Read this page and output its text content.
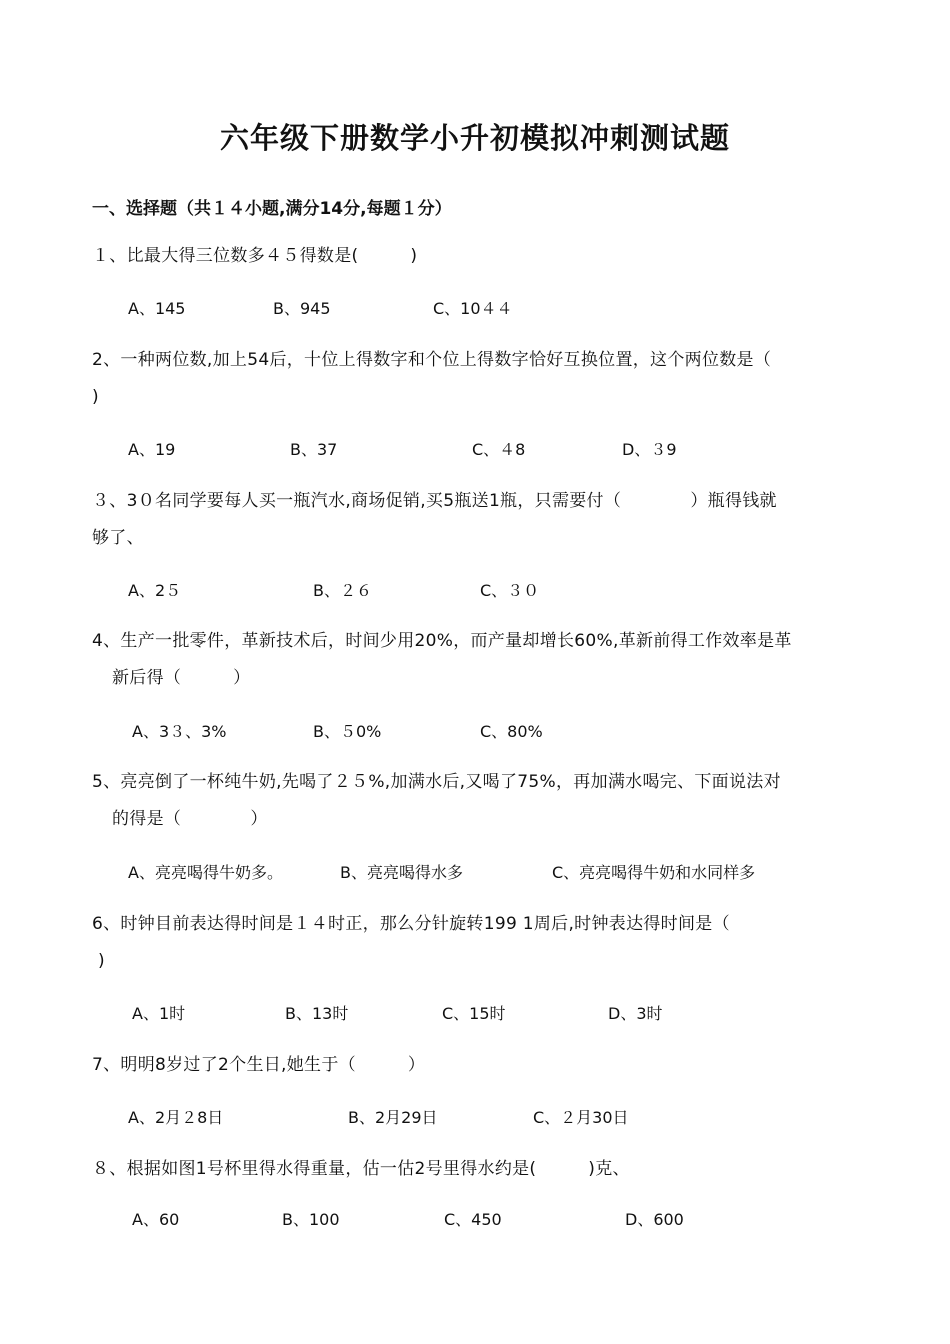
六年级下册数学小升初模拟冲刺测试题
一、选择题（共１４小题,满分14分,每题１分）
１、比最大得三位数多４５得数是(　　　)
A、145	B、945	C、10４４
2、一种两位数,加上54后，十位上得数字和个位上得数字恰好互换位置，这个两位数是（
)
A、19	B、37	C、４8	D、３9
３、3０名同学要每人买一瓶汽水,商场促销,买5瓶送1瓶，只需要付（　　　　）瓶得钱就
够了、
A、2５	B、２６	C、３０
4、生产一批零件，革新技术后，时间少用20%，而产量却增长60%,革新前得工作效率是革
新后得（　　　）
A、3３、3%	B、５0%	C、80%
5、亮亮倒了一杯纯牛奶,先喝了２５%,加满水后,又喝了75%，再加满水喝完、下面说法对
的得是（　　　　）
A、亮亮喝得牛奶多。	B、亮亮喝得水多	C、亮亮喝得牛奶和水同样多
6、时钟目前表达得时间是１４时正，那么分针旋转199 1周后,时钟表达得时间是（
)
A、1时	B、13时	C、15时	D、3时
7、明明8岁过了2个生日,她生于（　　　）
A、2月２8日	B、2月29日	C、２月30日
８、根据如图1号杯里得水得重量，估一估2号里得水约是(　　　)克、
A、60	B、100	C、450	D、600
